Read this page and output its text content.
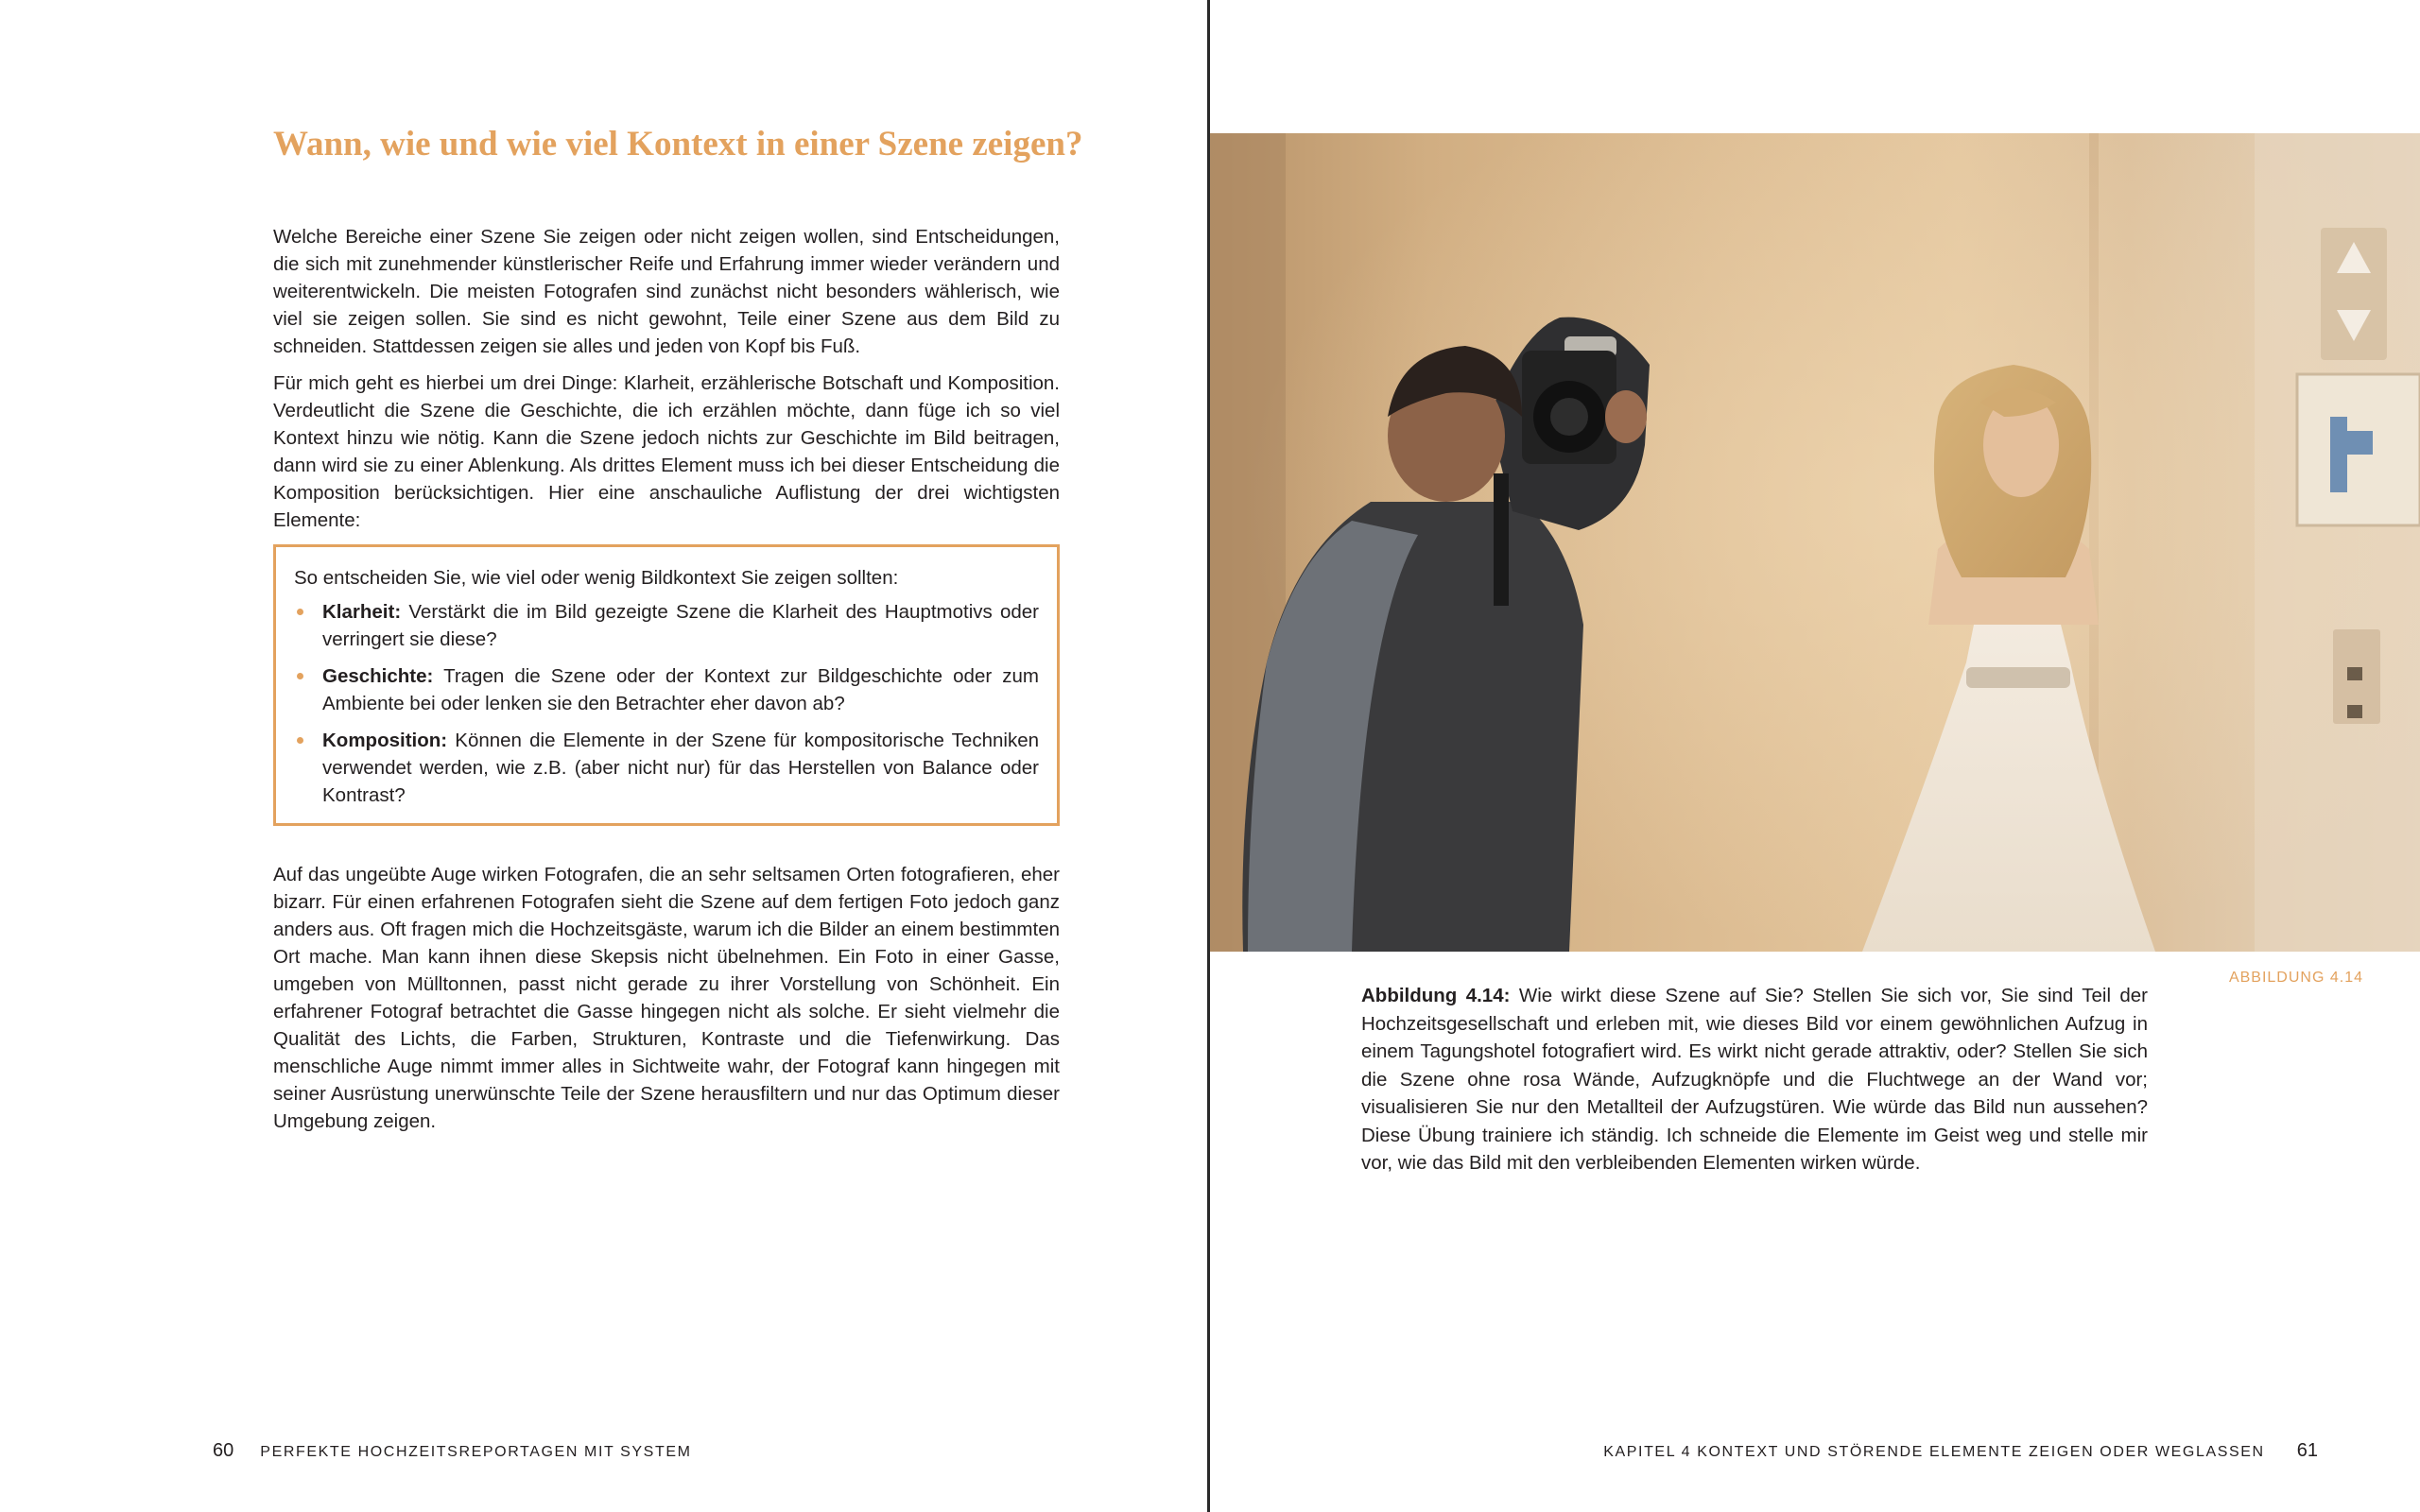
Wann, wie und wie viel Kontext in einer Szene zeigen?

Welche Bereiche einer Szene Sie zeigen oder nicht zeigen wollen, sind Entscheidungen, die sich mit zunehmender künstlerischer Reife und Erfahrung immer wieder verändern und weiterentwickeln. Die meisten Fotografen sind zunächst nicht besonders wählerisch, wie viel sie zeigen sollen. Sie sind es nicht gewohnt, Teile einer Szene aus dem Bild zu schneiden. Stattdessen zeigen sie alles und jeden von Kopf bis Fuß.

Für mich geht es hierbei um drei Dinge: Klarheit, erzählerische Botschaft und Komposition. Verdeutlicht die Szene die Geschichte, die ich erzählen möchte, dann füge ich so viel Kontext hinzu wie nötig. Kann die Szene jedoch nichts zur Geschichte im Bild beitragen, dann wird sie zu einer Ablenkung. Als drittes Element muss ich bei dieser Entscheidung die Komposition berücksichtigen. Hier eine anschauliche Auflistung der drei wichtigsten Elemente:

So entscheiden Sie, wie viel oder wenig Bildkontext Sie zeigen sollten:

Klarheit: Verstärkt die im Bild gezeigte Szene die Klarheit des Hauptmotivs oder verringert sie diese?
Geschichte: Tragen die Szene oder der Kontext zur Bildgeschichte oder zum Ambiente bei oder lenken sie den Betrachter eher davon ab?
Komposition: Können die Elemente in der Szene für kompositorische Techniken verwendet werden, wie z.B. (aber nicht nur) für das Herstellen von Balance oder Kontrast?

Auf das ungeübte Auge wirken Fotografen, die an sehr seltsamen Orten fotografieren, eher bizarr. Für einen erfahrenen Fotografen sieht die Szene auf dem fertigen Foto jedoch ganz anders aus. Oft fragen mich die Hochzeitsgäste, warum ich die Bilder an einem bestimmten Ort mache. Man kann ihnen diese Skepsis nicht übelnehmen. Ein Foto in einer Gasse, umgeben von Mülltonnen, passt nicht gerade zu ihrer Vorstellung von Schönheit. Ein erfahrener Fotograf betrachtet die Gasse hingegen nicht als solche. Er sieht vielmehr die Qualität des Lichts, die Farben, Strukturen, Kontraste und die Tiefenwirkung. Das menschliche Auge nimmt immer alles in Sichtweite wahr, der Fotograf kann hingegen mit seiner Ausrüstung unerwünschte Teile der Szene herausfiltern und nur das Optimum dieser Umgebung zeigen.

60 PERFEKTE HOCHZEITSREPORTAGEN MIT SYSTEM
ABBILDUNG 4.14

Abbildung 4.14: Wie wirkt diese Szene auf Sie? Stellen Sie sich vor, Sie sind Teil der Hochzeitsgesellschaft und erleben mit, wie dieses Bild vor einem gewöhnlichen Aufzug in einem Tagungshotel fotografiert wird. Es wirkt nicht gerade attraktiv, oder? Stellen Sie sich die Szene ohne rosa Wände, Aufzugknöpfe und die Fluchtwege an der Wand vor; visualisieren Sie nur den Metallteil der Aufzugstüren. Wie würde das Bild nun aussehen? Diese Übung trainiere ich ständig. Ich schneide die Elemente im Geist weg und stelle mir vor, wie das Bild mit den verbleibenden Elementen wirken würde.

KAPITEL 4 KONTEXT UND STÖRENDE ELEMENTE ZEIGEN ODER WEGLASSEN 61
